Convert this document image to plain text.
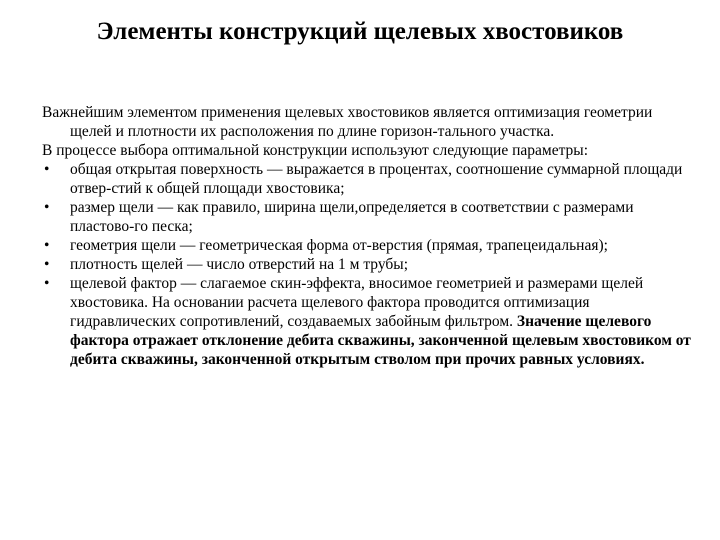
Элементы конструкций щелевых хвостовиков

Важнейшим элементом применения щелевых хвостовиков является оптимизация геометрии щелей и плотности их расположения по длине горизон-тального участка.

В процессе выбора оптимальной конструкции используют следующие параметры:

• общая открытая поверхность — выражается в процентах, соотношение суммарной площади отвер-стий к общей площади хвостовика;
• размер щели — как правило, ширина щели,определяется в соответствии с размерами пластово-го песка;
• геометрия щели — геометрическая форма от-верстия (прямая, трапецеидальная);
• плотность щелей — число отверстий на 1 м трубы;
• щелевой фактор — слагаемое скин-эффекта, вносимое геометрией и размерами щелей хвостовика. На основании расчета щелевого фактора проводится оптимизация гидравлических сопротивлений, создаваемых забойным фильтром. Значение щелевого фактора отражает отклонение дебита скважины, законченной щелевым хвостовиком от дебита скважины, законченной открытым стволом при прочих равных условиях.
